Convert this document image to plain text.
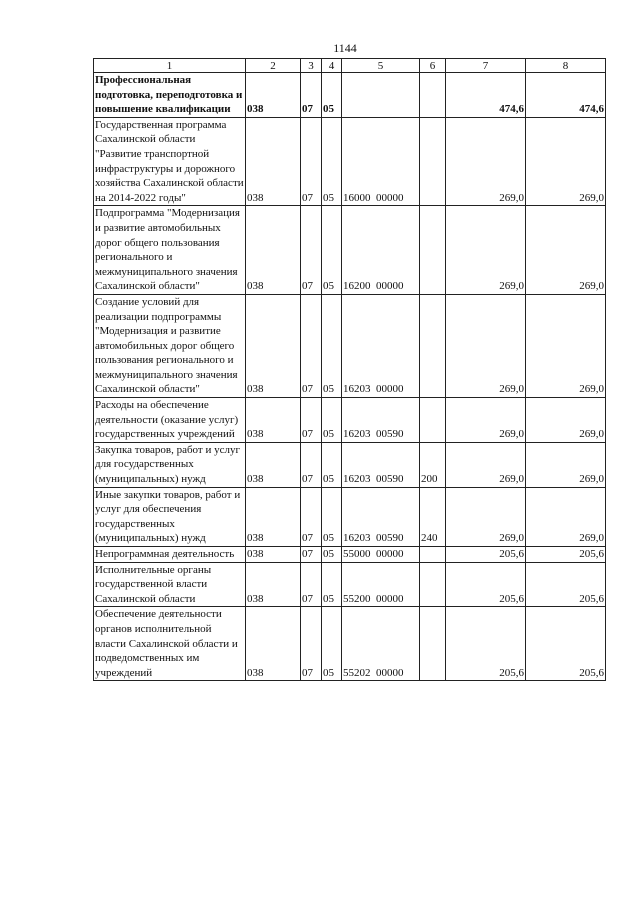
1144
1	2	3	4	5	6	7	8
Профессиональная подготовка, переподготовка и повышение квалификации	038	07	05			474,6	474,6
Государственная программа Сахалинской области "Развитие транспортной инфраструктуры и дорожного хозяйства Сахалинской области на 2014-2022 годы"	038	07	05	16000  00000		269,0	269,0
Подпрограмма "Модернизация и развитие автомобильных дорог общего пользования регионального и межмуниципального значения Сахалинской области"	038	07	05	16200  00000		269,0	269,0
Создание условий для реализации подпрограммы "Модернизация и развитие автомобильных дорог общего пользования регионального и межмуниципального значения Сахалинской области"	038	07	05	16203  00000		269,0	269,0
Расходы на обеспечение деятельности (оказание услуг) государственных учреждений	038	07	05	16203  00590		269,0	269,0
Закупка товаров, работ и услуг для государственных (муниципальных) нужд	038	07	05	16203  00590	200	269,0	269,0
Иные закупки товаров, работ и услуг для обеспечения государственных (муниципальных) нужд	038	07	05	16203  00590	240	269,0	269,0
Непрограммная деятельность	038	07	05	55000  00000		205,6	205,6
Исполнительные органы государственной власти Сахалинской области	038	07	05	55200  00000		205,6	205,6
Обеспечение деятельности органов исполнительной власти Сахалинской области и подведомственных им учреждений	038	07	05	55202  00000		205,6	205,6
